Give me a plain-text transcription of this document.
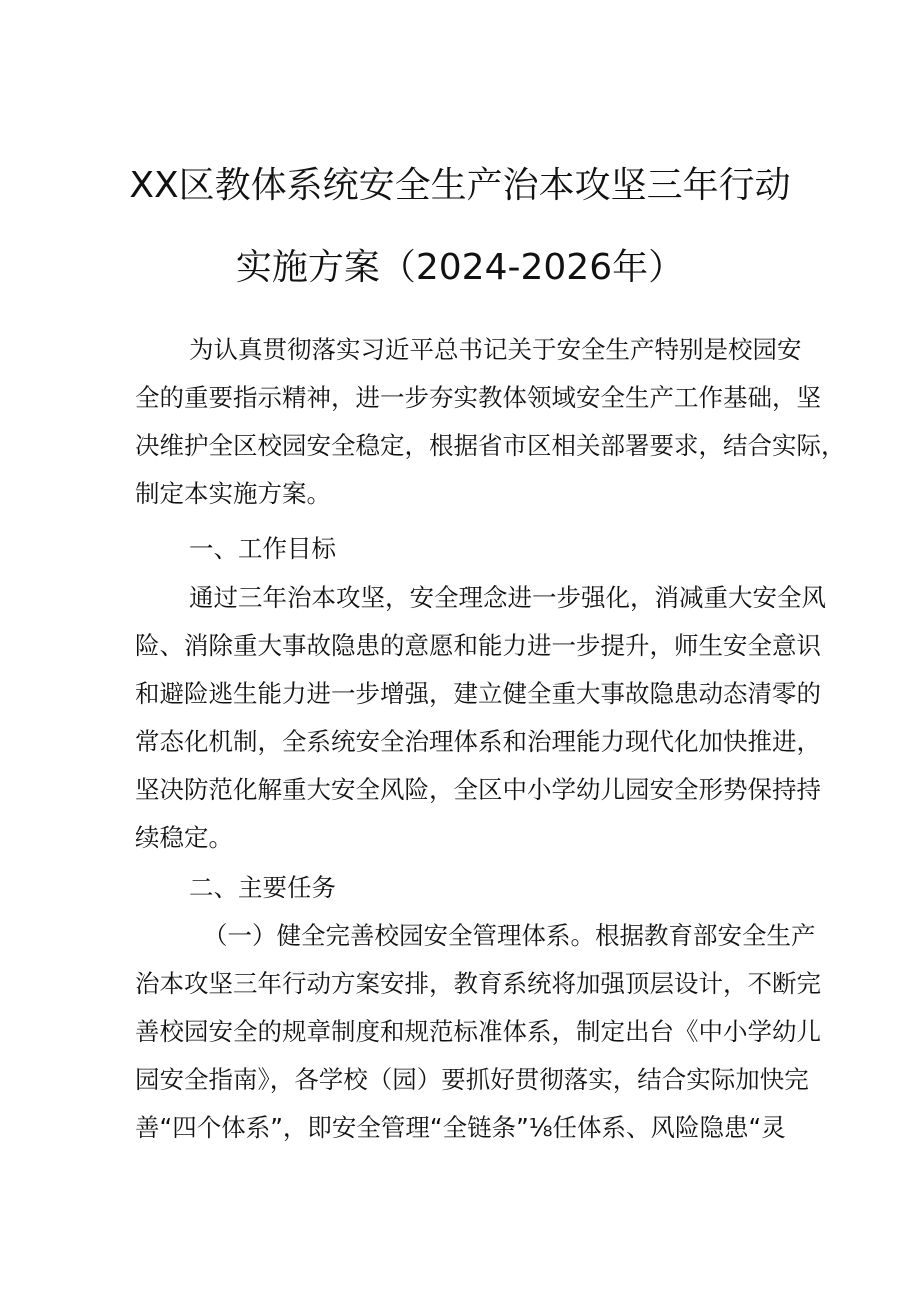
XX区教体系统安全生产治本攻坚三年行动
实施方案（2024-2026年）
为认真贯彻落实习近平总书记关于安全生产特别是校园安
全的重要指示精神，进一步夯实教体领域安全生产工作基础，坚
决维护全区校园安全稳定，根据省市区相关部署要求，结合实际，
制定本实施方案。
一、工作目标
通过三年治本攻坚，安全理念进一步强化，消减重大安全风
险、消除重大事故隐患的意愿和能力进一步提升，师生安全意识
和避险逃生能力进一步增强，建立健全重大事故隐患动态清零的
常态化机制，全系统安全治理体系和治理能力现代化加快推进，
坚决防范化解重大安全风险，全区中小学幼儿园安全形势保持持
续稳定。
二、主要任务
（一）健全完善校园安全管理体系。根据教育部安全生产
治本攻坚三年行动方案安排，教育系统将加强顶层设计，不断完
善校园安全的规章制度和规范标准体系，制定出台《中小学幼儿
园安全指南》，各学校（园）要抓好贯彻落实，结合实际加快完
善“四个体系”，即安全管理“全链条”⅛任体系、风险隐患“灵
